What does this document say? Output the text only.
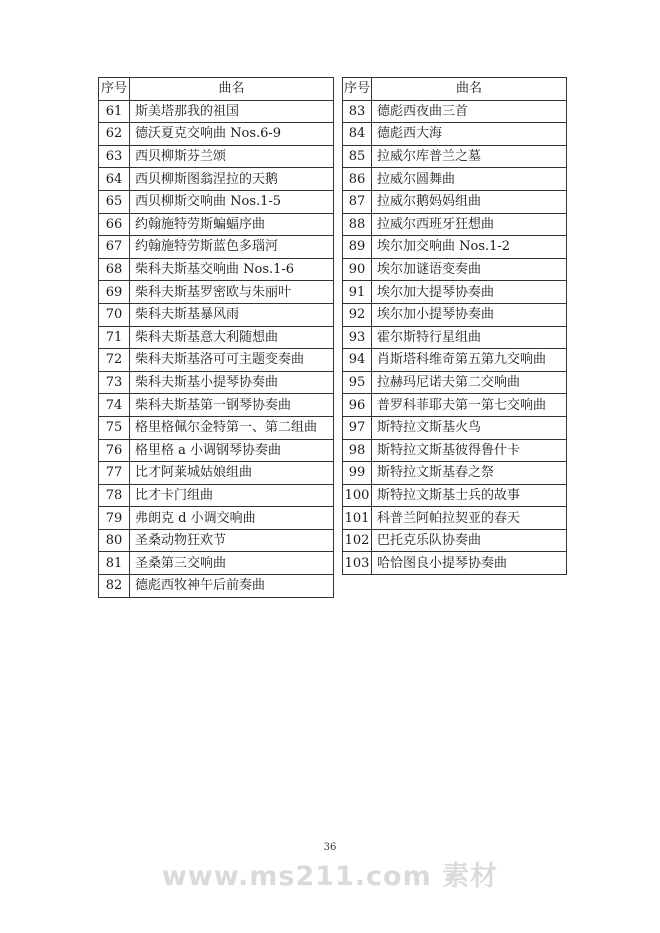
序号	曲名
61	斯美塔那我的祖国
62	德沃夏克交响曲 Nos.6-9
63	西贝柳斯芬兰颂
64	西贝柳斯图翁涅拉的天鹅
65	西贝柳斯交响曲 Nos.1-5
66	约翰施特劳斯蝙蝠序曲
67	约翰施特劳斯蓝色多瑙河
68	柴科夫斯基交响曲 Nos.1-6
69	柴科夫斯基罗密欧与朱丽叶
70	柴科夫斯基暴风雨
71	柴科夫斯基意大利随想曲
72	柴科夫斯基洛可可主题变奏曲
73	柴科夫斯基小提琴协奏曲
74	柴科夫斯基第一钢琴协奏曲
75	格里格佩尔金特第一、第二组曲
76	格里格 a 小调钢琴协奏曲
77	比才阿莱城姑娘组曲
78	比才卡门组曲
79	弗朗克 d 小调交响曲
80	圣桑动物狂欢节
81	圣桑第三交响曲
82	德彪西牧神午后前奏曲
序号	曲名
83	德彪西夜曲三首
84	德彪西大海
85	拉威尔库普兰之墓
86	拉威尔圆舞曲
87	拉威尔鹅妈妈组曲
88	拉威尔西班牙狂想曲
89	埃尔加交响曲 Nos.1-2
90	埃尔加谜语变奏曲
91	埃尔加大提琴协奏曲
92	埃尔加小提琴协奏曲
93	霍尔斯特行星组曲
94	肖斯塔科维奇第五第九交响曲
95	拉赫玛尼诺夫第二交响曲
96	普罗科菲耶夫第一第七交响曲
97	斯特拉文斯基火鸟
98	斯特拉文斯基彼得鲁什卡
99	斯特拉文斯基春之祭
100	斯特拉文斯基士兵的故事
101	科普兰阿帕拉契亚的春天
102	巴托克乐队协奏曲
103	哈恰图良小提琴协奏曲
36
www.ms211.com 素材
